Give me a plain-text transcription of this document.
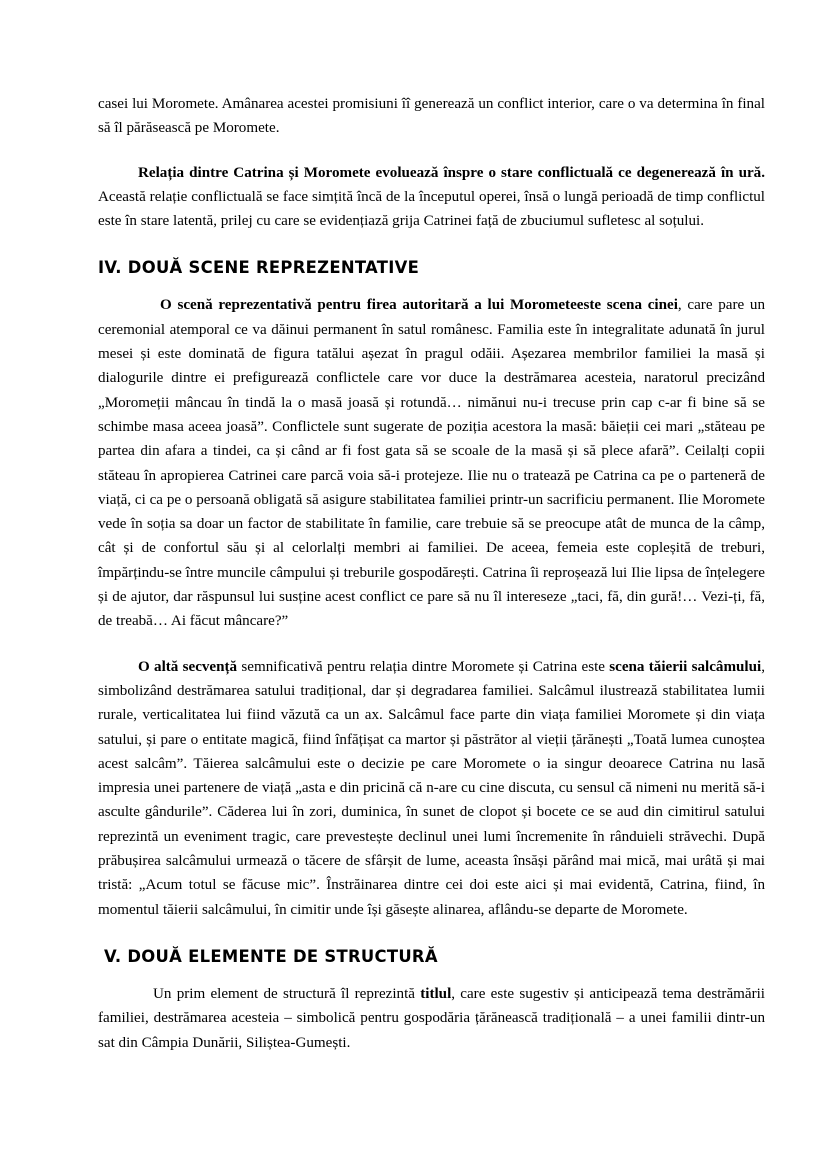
casei lui Moromete. Amânarea acestei promisiuni îî generează un conflict interior, care o va determina în final să îl părăsească pe Moromete.

Relația dintre Catrina și Moromete evoluează înspre o stare conflictuală ce degenerează în ură. Această relație conflictuală se face simțită încă de la începutul operei, însă o lungă perioadă de timp conflictul este în stare latentă, prilej cu care se evidențiază grija Catrinei față de zbuciumul sufletesc al soțului.

IV. DOUĂ SCENE REPREZENTATIVE

O scenă reprezentativă pentru firea autoritară a lui Morometeeste scena cinei, care pare un ceremonial atemporal ce va dăinui permanent în satul românesc. Familia este în integralitate adunată în jurul mesei și este dominată de figura tatălui așezat în pragul odăii. Așezarea membrilor familiei la masă și dialogurile dintre ei prefigurează conflictele care vor duce la destrămarea acesteia, naratorul precizând „Moromeții mâncau în tindă la o masă joasă și rotundă… nimănui nu-i trecuse prin cap c-ar fi bine să se schimbe masa aceea joasă”. Conflictele sunt sugerate de poziția acestora la masă: băieții cei mari „stăteau pe partea din afara a tindei, ca și când ar fi fost gata să se scoale de la masă și să plece afară”. Ceilalți copii stăteau în apropierea Catrinei care parcă voia să-i protejeze. Ilie nu o tratează pe Catrina ca pe o parteneră de viață, ci ca pe o persoană obligată să asigure stabilitatea familiei printr-un sacrificiu permanent. Ilie Moromete vede în soția sa doar un factor de stabilitate în familie, care trebuie să se preocupe atât de munca de la câmp, cât și de confortul său și al celorlalți membri ai familiei. De aceea, femeia este copleșită de treburi, împărțindu-se între muncile câmpului și treburile gospodărești. Catrina îi reproșează lui Ilie lipsa de înțelegere și de ajutor, dar răspunsul lui susține acest conflict ce pare să nu îl intereseze „taci, fă, din gură!… Vezi-ți, fă, de treabă… Ai făcut mâncare?”

O altă secvență semnificativă pentru relația dintre Moromete și Catrina este scena tăierii salcâmului, simbolizând destrămarea satului tradițional, dar și degradarea familiei. Salcâmul ilustrează stabilitatea lumii rurale, verticalitatea lui fiind văzută ca un ax. Salcâmul face parte din viața familiei Moromete și din viața satului, și pare o entitate magică, fiind înfățișat ca martor și păstrător al vieții țărănești „Toată lumea cunoștea acest salcâm”. Tăierea salcâmului este o decizie pe care Moromete o ia singur deoarece Catrina nu lasă impresia unei partenere de viață „asta e din pricină că n-are cu cine discuta, cu sensul că nimeni nu merită să-i asculte gândurile”. Căderea lui în zori, duminica, în sunet de clopot și bocete ce se aud din cimitirul satului reprezintă un eveniment tragic, care prevestește declinul unei lumi încremenite în rânduieli străvechi. După prăbușirea salcâmului urmează o tăcere de sfârșit de lume, aceasta însăși părând mai mică, mai urâtă și mai tristă: „Acum totul se făcuse mic”. Înstrăinarea dintre cei doi este aici și mai evidentă, Catrina, fiind, în momentul tăierii salcâmului, în cimitir unde își găsește alinarea, aflându-se departe de Moromete.

V. DOUĂ ELEMENTE DE STRUCTURĂ

Un prim element de structură îl reprezintă titlul, care este sugestiv și anticipează tema destrămării familiei, destrămarea acesteia – simbolică pentru gospodăria țărănească tradițională – a unei familii dintr-un sat din Câmpia Dunării, Siliștea-Gumești.
